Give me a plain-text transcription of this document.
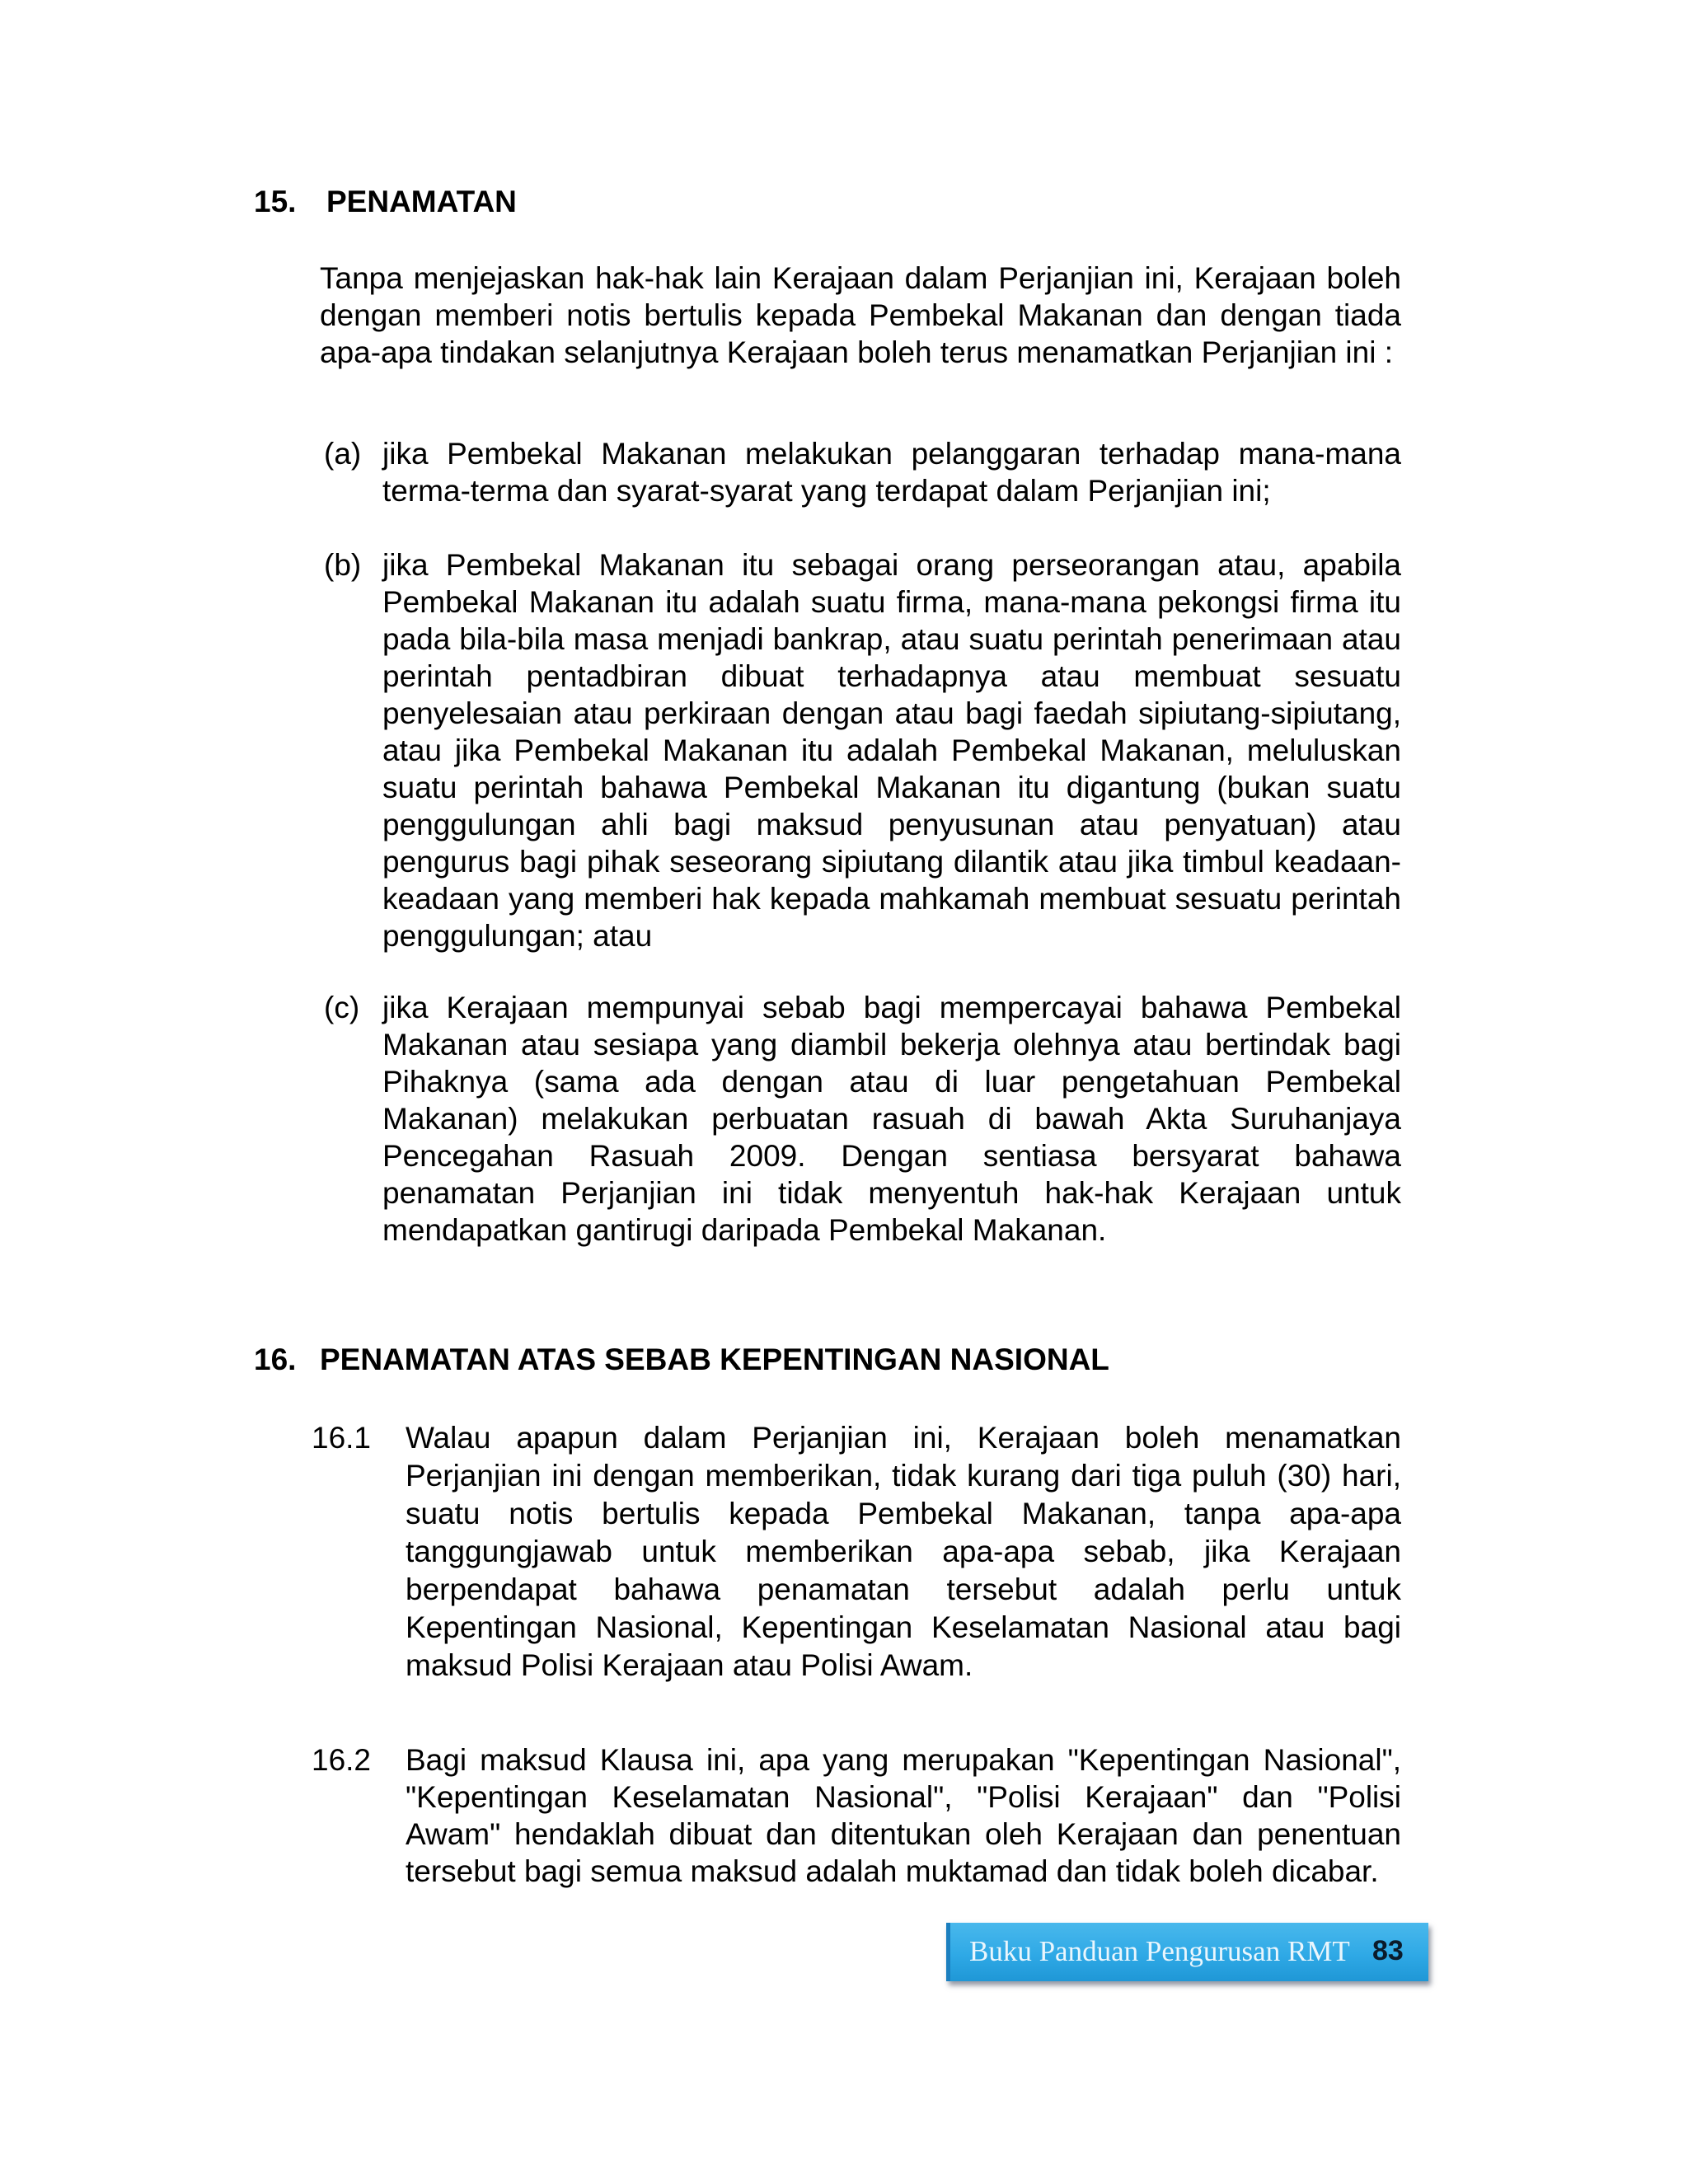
15. PENAMATAN
Tanpa menjejaskan hak-hak lain Kerajaan dalam Perjanjian ini, Kerajaan boleh dengan memberi notis bertulis kepada Pembekal Makanan dan dengan tiada apa-apa tindakan selanjutnya Kerajaan boleh terus menamatkan Perjanjian ini :
(a) jika Pembekal Makanan melakukan pelanggaran terhadap mana-mana terma-terma dan syarat-syarat yang terdapat dalam Perjanjian ini;
(b) jika Pembekal Makanan itu sebagai orang perseorangan atau, apabila Pembekal Makanan itu adalah suatu firma, mana-mana pekongsi firma itu pada bila-bila masa menjadi bankrap, atau suatu perintah penerimaan atau perintah pentadbiran dibuat terhadapnya atau membuat sesuatu penyelesaian atau perkiraan dengan atau bagi faedah sipiutang-sipiutang, atau jika Pembekal Makanan itu adalah Pembekal Makanan, meluluskan suatu perintah bahawa Pembekal Makanan itu digantung (bukan suatu penggulungan ahli bagi maksud penyusunan atau penyatuan) atau pengurus bagi pihak seseorang sipiutang dilantik atau jika timbul keadaan-keadaan yang memberi hak kepada mahkamah membuat sesuatu perintah penggulungan; atau
(c) jika Kerajaan mempunyai sebab bagi mempercayai bahawa Pembekal Makanan atau sesiapa yang diambil bekerja olehnya atau bertindak bagi Pihaknya (sama ada dengan atau di luar pengetahuan Pembekal Makanan) melakukan perbuatan rasuah di bawah Akta Suruhanjaya Pencegahan Rasuah 2009. Dengan sentiasa bersyarat bahawa penamatan Perjanjian ini tidak menyentuh hak-hak Kerajaan untuk mendapatkan gantirugi daripada Pembekal Makanan.
16. PENAMATAN ATAS SEBAB KEPENTINGAN NASIONAL
16.1 Walau apapun dalam Perjanjian ini, Kerajaan boleh menamatkan Perjanjian ini dengan memberikan, tidak kurang dari tiga puluh (30) hari, suatu notis bertulis kepada Pembekal Makanan, tanpa apa-apa tanggungjawab untuk memberikan apa-apa sebab, jika Kerajaan berpendapat bahawa penamatan tersebut adalah perlu untuk Kepentingan Nasional, Kepentingan Keselamatan Nasional atau bagi maksud Polisi Kerajaan atau Polisi Awam.
16.2 Bagi maksud Klausa ini, apa yang merupakan "Kepentingan Nasional", "Kepentingan Keselamatan Nasional", "Polisi Kerajaan" dan "Polisi Awam" hendaklah dibuat dan ditentukan oleh Kerajaan dan penentuan tersebut bagi semua maksud adalah muktamad dan tidak boleh dicabar.
Buku Panduan Pengurusan RMT 83
